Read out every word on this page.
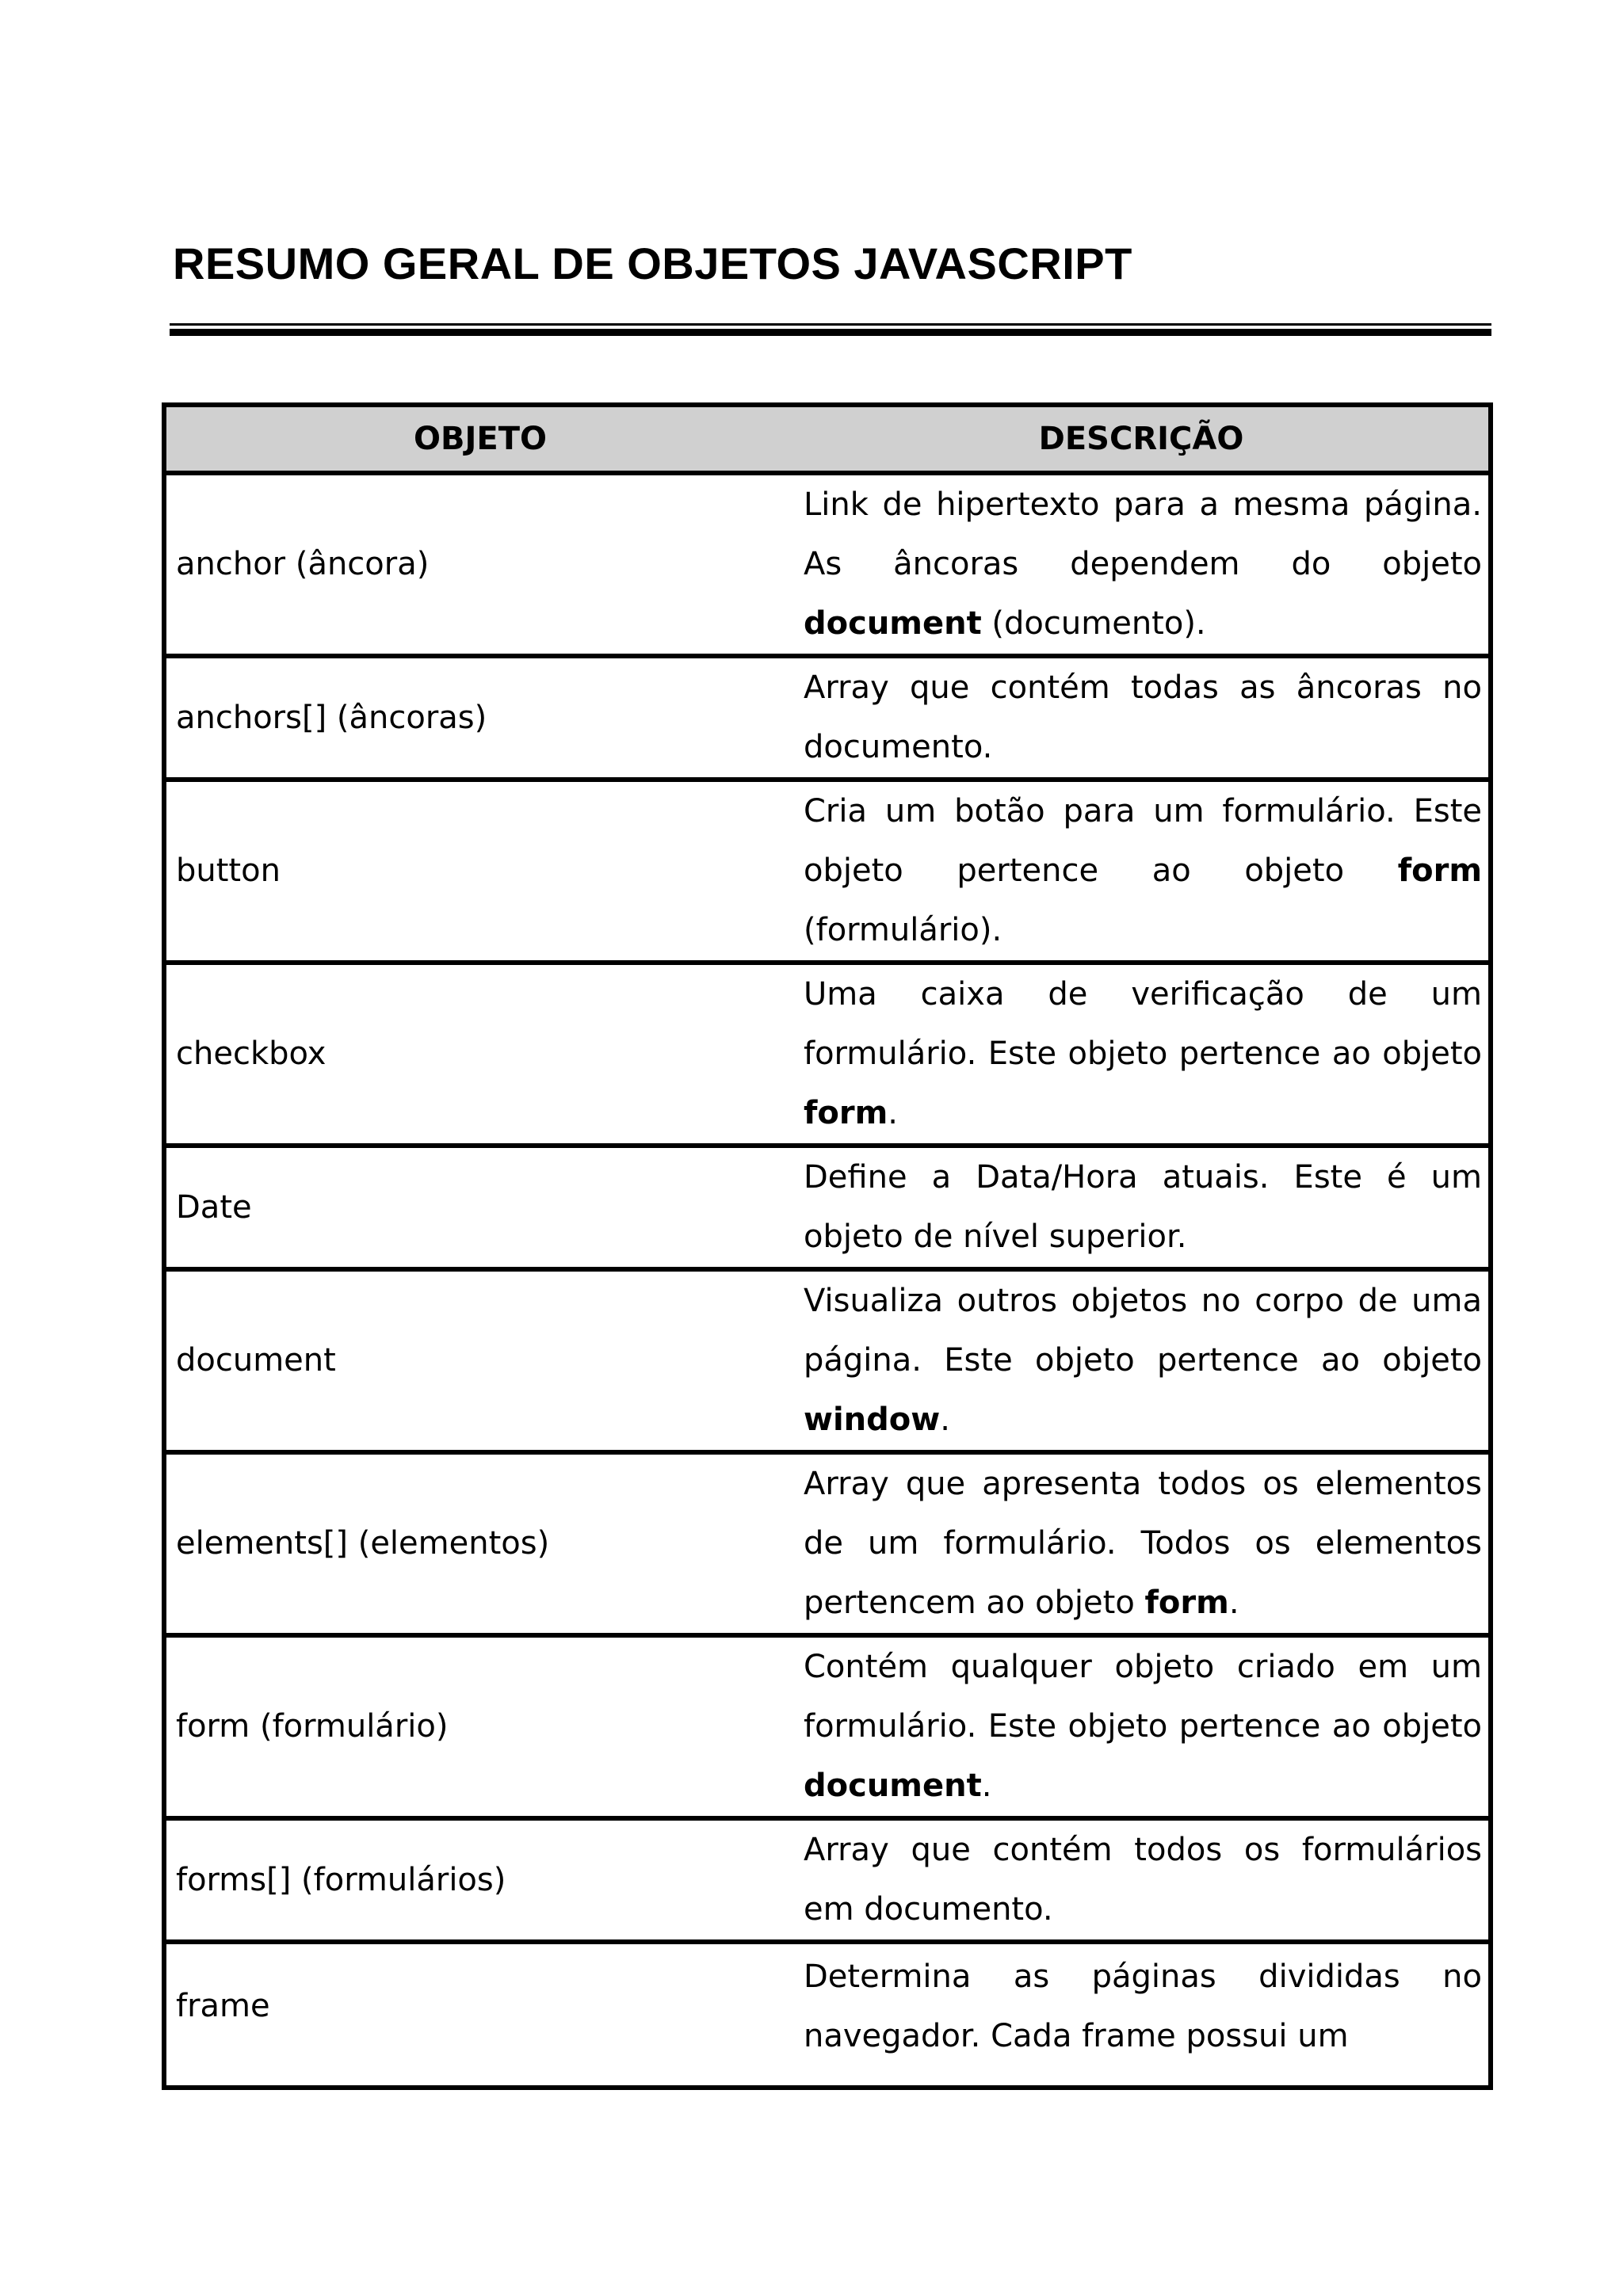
RESUMO GERAL DE OBJETOS JAVASCRIPT
OBJETO	DESCRIÇÃO
anchor (âncora)	Link de hipertexto para a mesma página. As âncoras dependem do objeto document (documento).
anchors[] (âncoras)	Array que contém todas as âncoras no documento.
button	Cria um botão para um formulário. Este objeto pertence ao objeto form (formulário).
checkbox	Uma caixa de verificação de um formulário. Este objeto pertence ao objeto form.
Date	Define a Data/Hora atuais. Este é um objeto de nível superior.
document	Visualiza outros objetos no corpo de uma página. Este objeto pertence ao objeto window.
elements[] (elementos)	Array que apresenta todos os elementos de um formulário. Todos os elementos pertencem ao objeto form.
form (formulário)	Contém qualquer objeto criado em um formulário. Este objeto pertence ao objeto document.
forms[] (formulários)	Array que contém todos os formulários em documento.
frame	Determina as páginas divididas no navegador. Cada frame possui um
